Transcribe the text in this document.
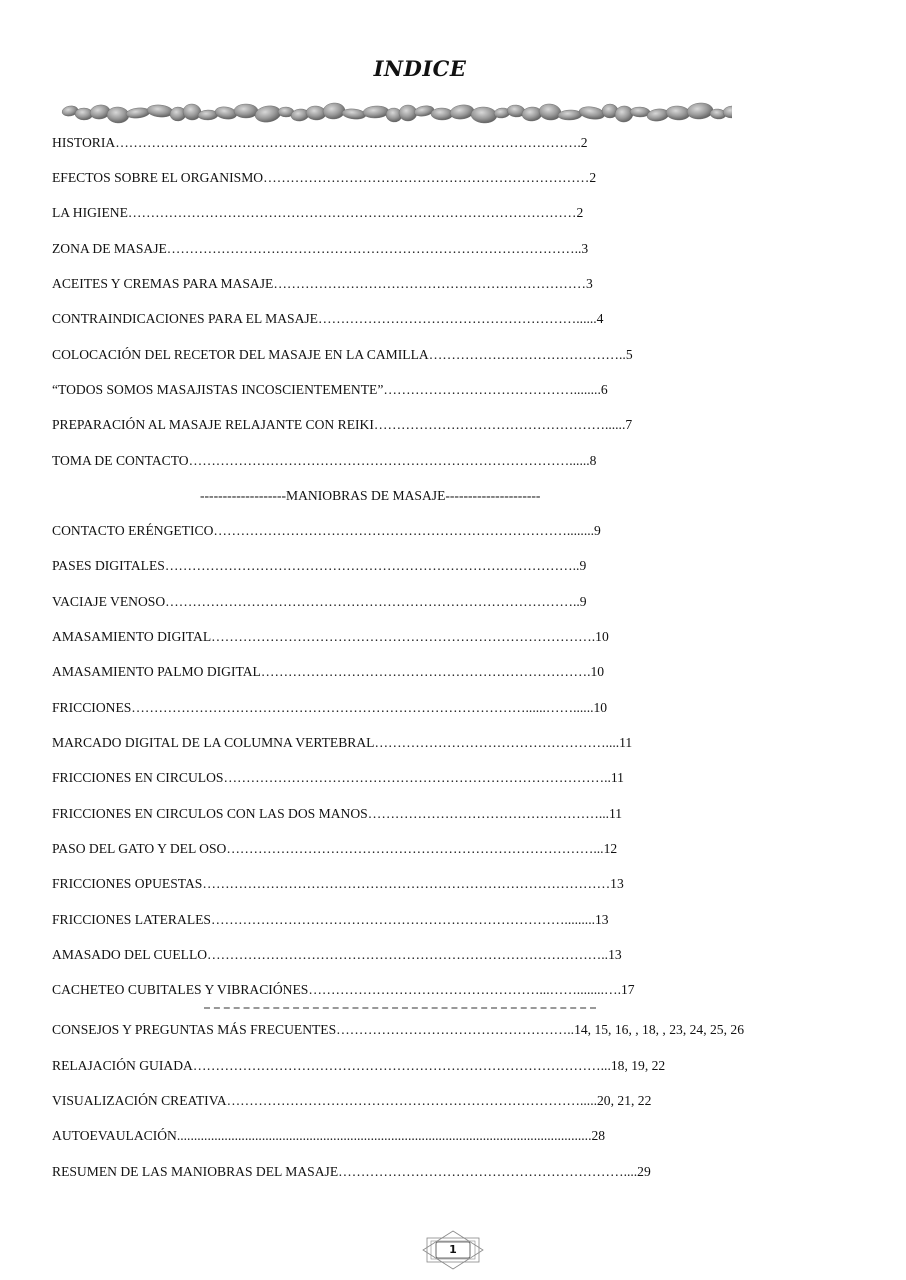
INDICE
HISTORIA………………………………………………………………………………………….2
EFECTOS SOBRE EL ORGANISMO………………………………………………………………2
LA HIGIENE………………………………………………………………………………………2
ZONA DE MASAJE………………………………………………………………………………..3
ACEITES Y CREMAS PARA MASAJE……………………………………………………………3
CONTRAINDICACIONES PARA EL MASAJE…………………………………………………......4
COLOCACIÓN DEL RECETOR DEL MASAJE EN LA CAMILLA……………………………………..5
“TODOS SOMOS MASAJISTAS INCOSCIENTEMENTE”……………………………………........6
PREPARACIÓN AL MASAJE RELAJANTE CON REIKI……………………………………………......7
TOMA DE CONTACTO…………………………………………………………………………......8
-------------------MANIOBRAS DE MASAJE---------------------
CONTACTO ERÉNGETICO……………………………………………………………………........9
PASES DIGITALES………………………………………………………………………………..9
VACIAJE VENOSO………………………………………………………………………………..9
AMASAMIENTO DIGITAL………………………………………………………………………….10
AMASAMIENTO PALMO DIGITAL……………………………………………………………….10
FRICCIONES……………………………………………………………………………......……......10
MARCADO DIGITAL DE LA COLUMNA VERTEBRAL……………………………………………....11
FRICCIONES EN CIRCULOS…………………………………………………………………………..11
FRICCIONES EN CIRCULOS CON LAS DOS MANOS……………………………………………...11
PASO DEL GATO Y DEL OSO………………………………………………………………………...12
FRICCIONES OPUESTAS………………………………………………………………………………13
FRICCIONES LATERALES…………………………………………………………………….........13
AMASADO DEL CUELLO……………………………………………………………………………..13
CACHETEO CUBITALES Y VIBRACIÓNES……………………………………………...……........….17
CONSEJOS Y PREGUNTAS MÁS FRECUENTES……………………………………………..14, 15, 16, , 18, , 23, 24, 25, 26
RELAJACIÓN GUIADA………………………………………………………………………………...18, 19, 22
VISUALIZACIÓN CREATIVA…………………………………………………………………….....20, 21, 22
AUTOEVAULACIÓN..........................................................................................................................28
RESUMEN DE LAS MANIOBRAS DEL MASAJE………………………………………………………....29
1
